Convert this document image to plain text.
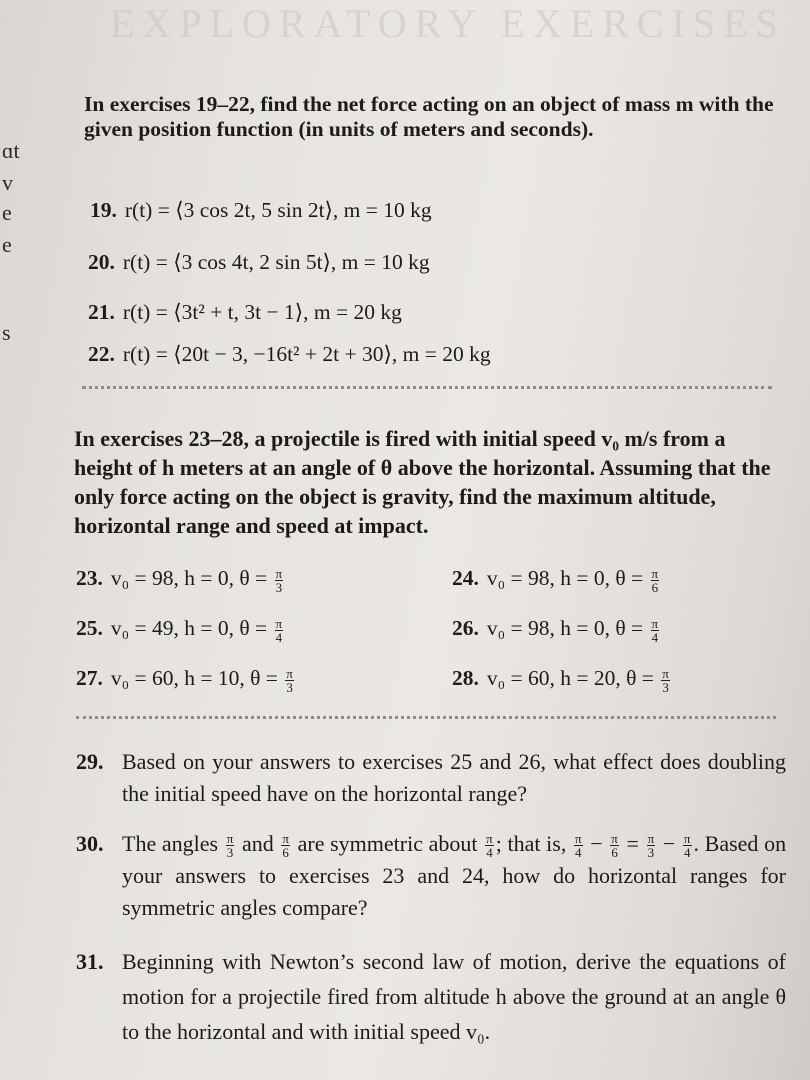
EXPLORATORY EXERCISES
ɑt
v
e
e
s
In exercises 19–22, find the net force acting on an object of mass m with the given position function (in units of meters and seconds).
19. r(t) = ⟨3 cos 2t, 5 sin 2t⟩, m = 10 kg
20. r(t) = ⟨3 cos 4t, 2 sin 5t⟩, m = 10 kg
21. r(t) = ⟨3t² + t, 3t − 1⟩, m = 20 kg
22. r(t) = ⟨20t − 3, −16t² + 2t + 30⟩, m = 20 kg
In exercises 23–28, a projectile is fired with initial speed v₀ m/s from a height of h meters at an angle of θ above the horizontal. Assuming that the only force acting on the object is gravity, find the maximum altitude, horizontal range and speed at impact.
23. v₀ = 98, h = 0, $\theta = \frac{\pi}{3}$	24. v₀ = 98, h = 0, $\theta = \frac{\pi}{6}$
25. v₀ = 49, h = 0, $\theta = \frac{\pi}{4}$	26. v₀ = 98, h = 0, $\theta = \frac{\pi}{4}$
27. v₀ = 60, h = 10, $\theta = \frac{\pi}{3}$	28. v₀ = 60, h = 20, $\theta = \frac{\pi}{3}$
29. Based on your answers to exercises 25 and 26, what effect does doubling the initial speed have on the horizontal range?
30. The angles $\frac{\pi}{3}$ and $\frac{\pi}{6}$ are symmetric about $\frac{\pi}{4}$ ; that is, $\frac{\pi}{4} - \frac{\pi}{6} = \frac{\pi}{3} - \frac{\pi}{4}$ . Based on your answers to exercises 23 and 24, how do horizontal ranges for symmetric angles compare?
31. Beginning with Newton’s second law of motion, derive the equations of motion for a projectile fired from altitude h above the ground at an angle θ to the horizontal and with initial speed v₀.
